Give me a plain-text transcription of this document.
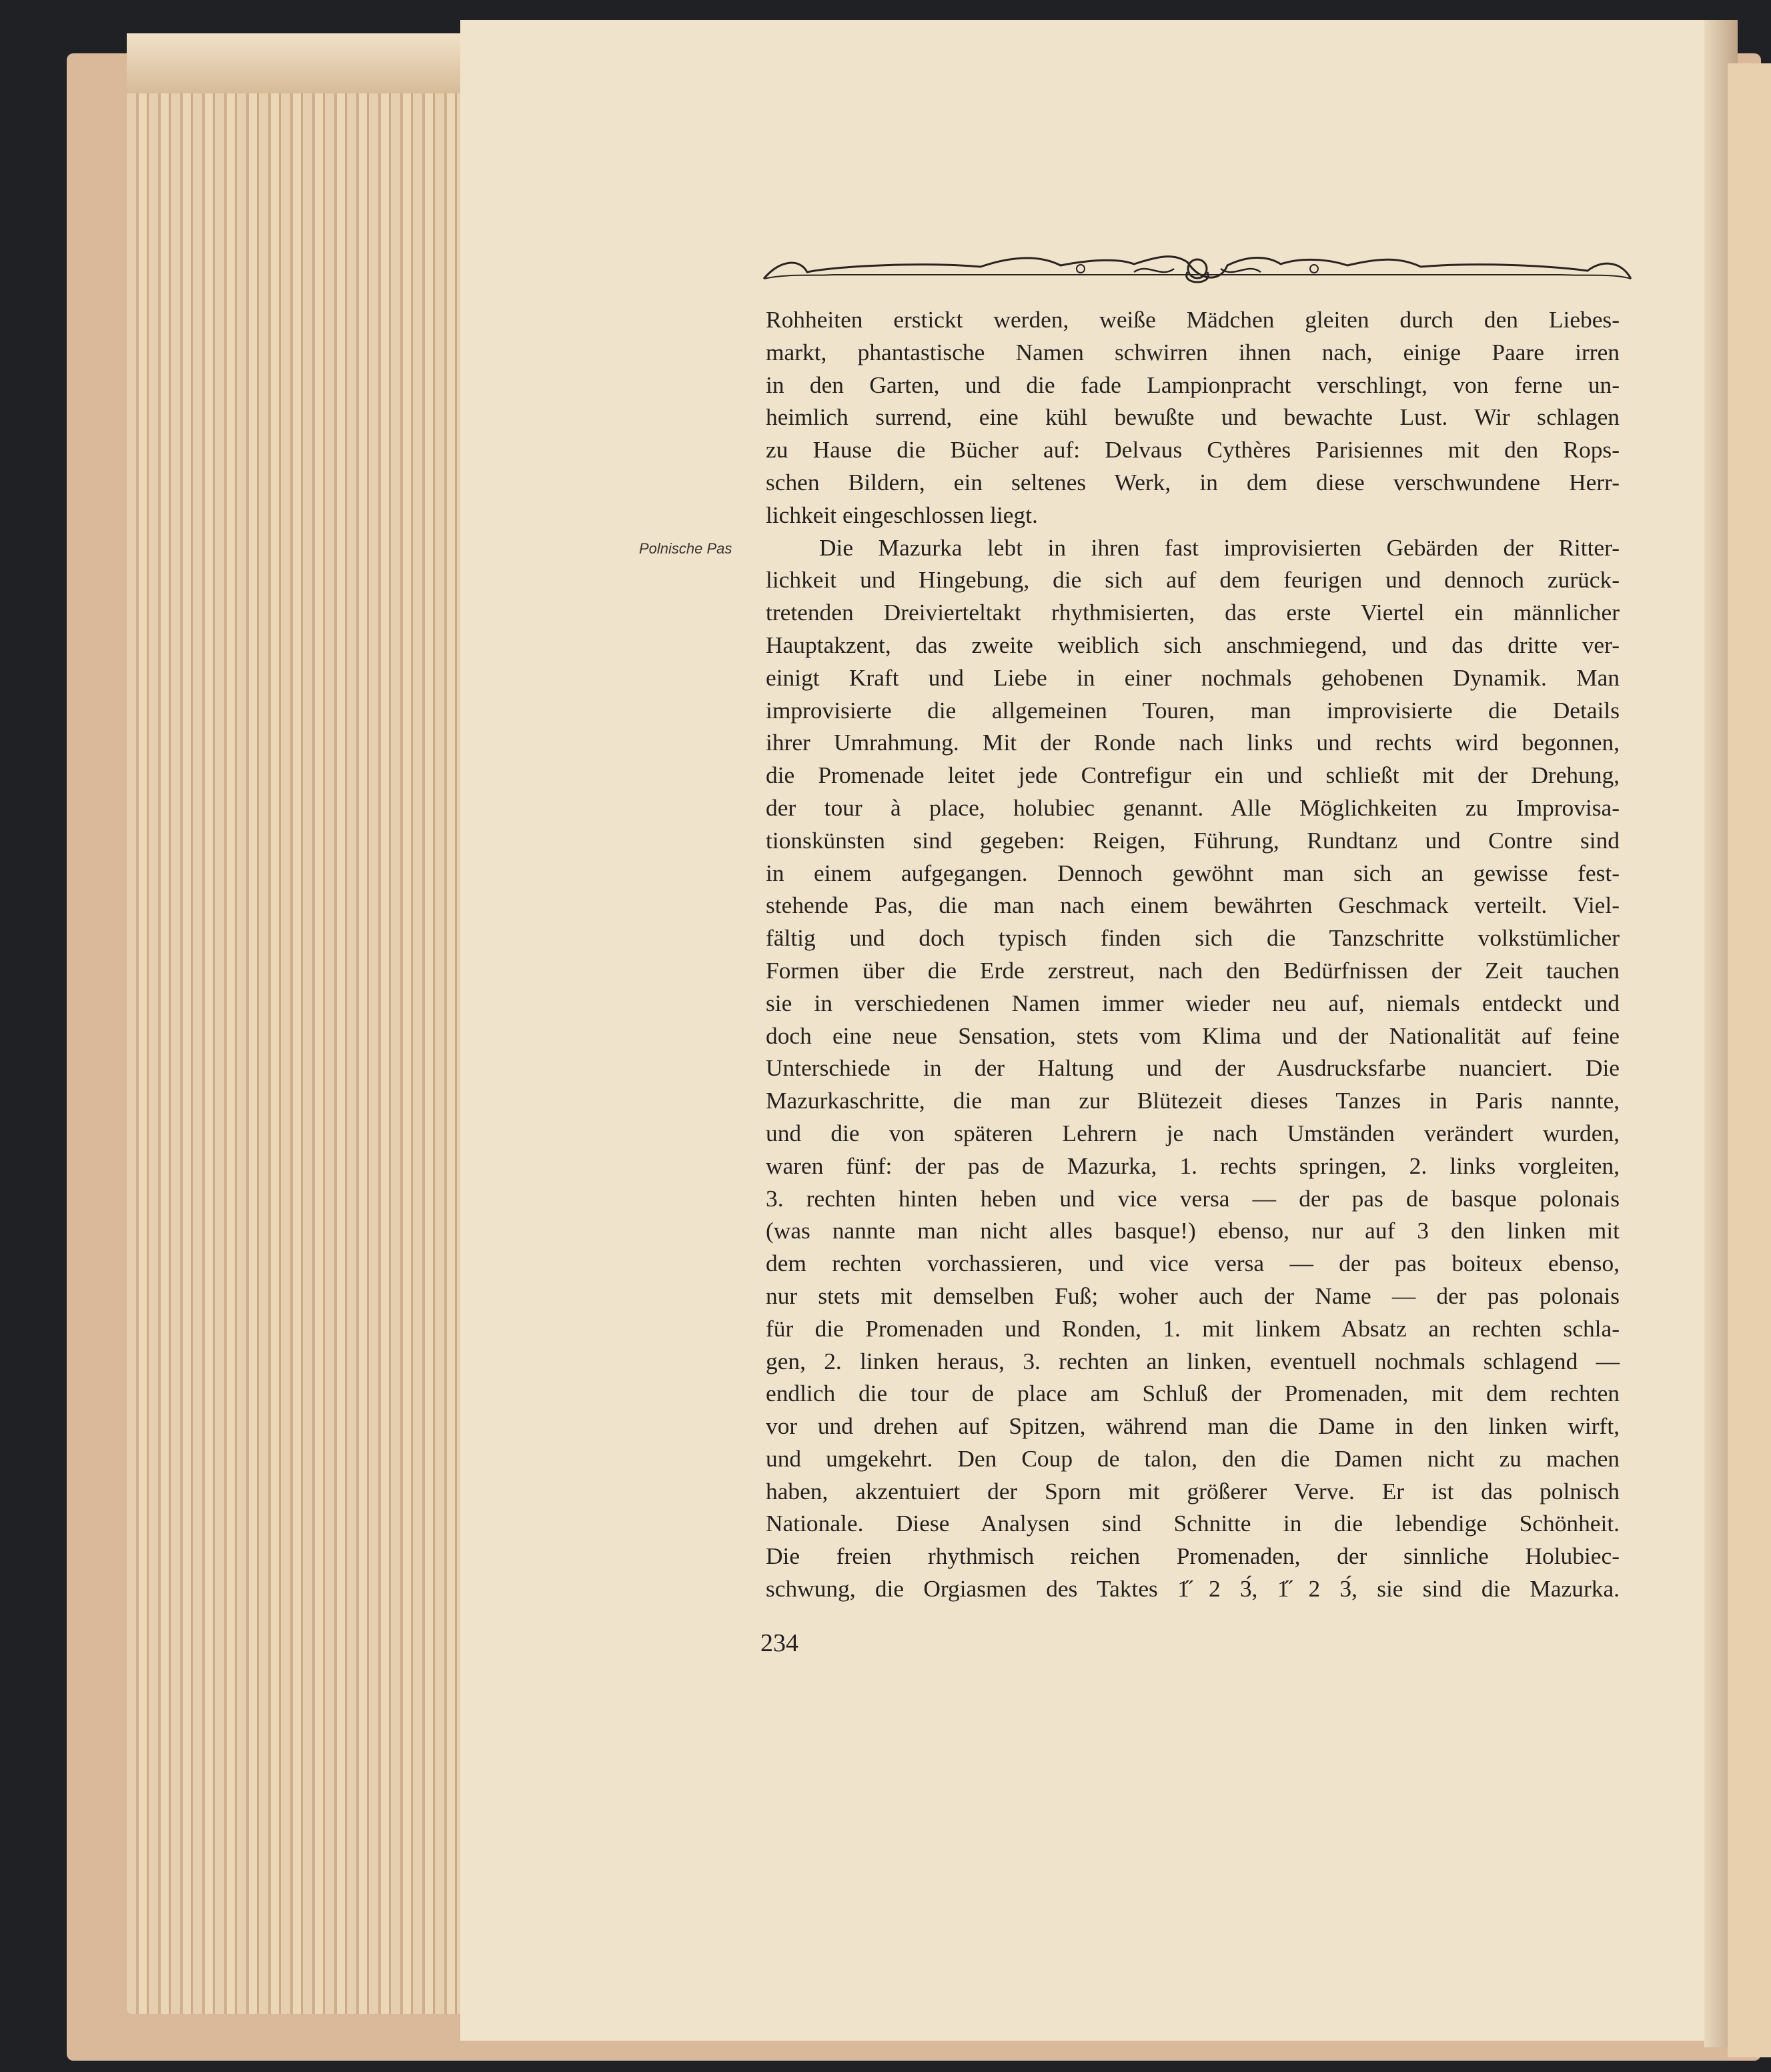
Polnische Pas
Rohheiten erstickt werden, weiße Mädchen gleiten durch den Liebes-
markt, phantastische Namen schwirren ihnen nach, einige Paare irren
in den Garten, und die fade Lampionpracht verschlingt, von ferne un-
heimlich surrend, eine kühl bewußte und bewachte Lust. Wir schlagen
zu Hause die Bücher auf: Delvaus Cythères Parisiennes mit den Rops-
schen Bildern, ein seltenes Werk, in dem diese verschwundene Herr-
lichkeit eingeschlossen liegt.
Die Mazurka lebt in ihren fast improvisierten Gebärden der Ritter-
lichkeit und Hingebung, die sich auf dem feurigen und dennoch zurück-
tretenden Dreivierteltakt rhythmisierten, das erste Viertel ein männlicher
Hauptakzent, das zweite weiblich sich anschmiegend, und das dritte ver-
einigt Kraft und Liebe in einer nochmals gehobenen Dynamik. Man
improvisierte die allgemeinen Touren, man improvisierte die Details
ihrer Umrahmung. Mit der Ronde nach links und rechts wird begonnen,
die Promenade leitet jede Contrefigur ein und schließt mit der Drehung,
der tour à place, holubiec genannt. Alle Möglichkeiten zu Improvisa-
tionskünsten sind gegeben: Reigen, Führung, Rundtanz und Contre sind
in einem aufgegangen. Dennoch gewöhnt man sich an gewisse fest-
stehende Pas, die man nach einem bewährten Geschmack verteilt. Viel-
fältig und doch typisch finden sich die Tanzschritte volkstümlicher
Formen über die Erde zerstreut, nach den Bedürfnissen der Zeit tauchen
sie in verschiedenen Namen immer wieder neu auf, niemals entdeckt und
doch eine neue Sensation, stets vom Klima und der Nationalität auf feine
Unterschiede in der Haltung und der Ausdrucksfarbe nuanciert. Die
Mazurkaschritte, die man zur Blütezeit dieses Tanzes in Paris nannte,
und die von späteren Lehrern je nach Umständen verändert wurden,
waren fünf: der pas de Mazurka, 1. rechts springen, 2. links vorgleiten,
3. rechten hinten heben und vice versa — der pas de basque polonais
(was nannte man nicht alles basque!) ebenso, nur auf 3 den linken mit
dem rechten vorchassieren, und vice versa — der pas boiteux ebenso,
nur stets mit demselben Fuß; woher auch der Name — der pas polonais
für die Promenaden und Ronden, 1. mit linkem Absatz an rechten schla-
gen, 2. linken heraus, 3. rechten an linken, eventuell nochmals schlagend —
endlich die tour de place am Schluß der Promenaden, mit dem rechten
vor und drehen auf Spitzen, während man die Dame in den linken wirft,
und umgekehrt. Den Coup de talon, den die Damen nicht zu machen
haben, akzentuiert der Sporn mit größerer Verve. Er ist das polnisch
Nationale. Diese Analysen sind Schnitte in die lebendige Schönheit.
Die freien rhythmisch reichen Promenaden, der sinnliche Holubiec-
schwung, die Orgiasmen des Taktes 1̋ 2 3́, 1̋ 2 3́, sie sind die Mazurka.
234
